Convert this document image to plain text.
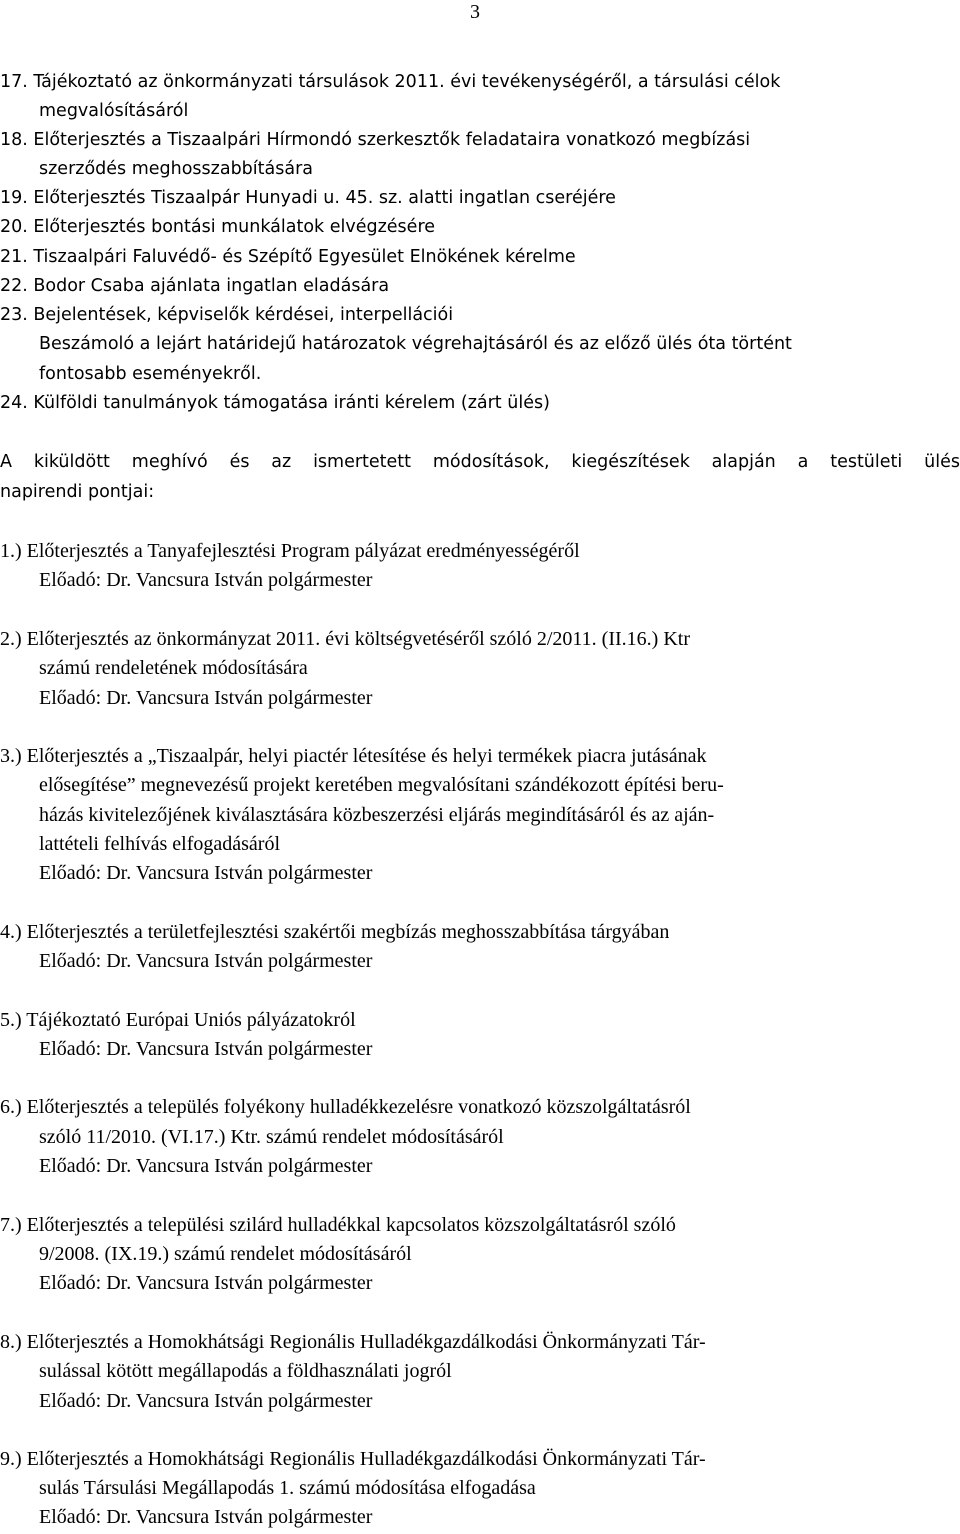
3
17. Tájékoztató az önkormányzati társulások 2011. évi tevékenységéről, a társulási célok
megvalósításáról
18. Előterjesztés a Tiszaalpári Hírmondó szerkesztők feladataira vonatkozó megbízási
szerződés meghosszabbítására
19. Előterjesztés Tiszaalpár Hunyadi u. 45. sz. alatti ingatlan cseréjére
20. Előterjesztés bontási munkálatok elvégzésére
21. Tiszaalpári Faluvédő- és Szépítő Egyesület Elnökének kérelme
22. Bodor Csaba ajánlata ingatlan eladására
23. Bejelentések, képviselők kérdései, interpellációi
Beszámoló a lejárt határidejű határozatok végrehajtásáról és az előző ülés óta történt
fontosabb eseményekről.
24. Külföldi tanulmányok támogatása iránti kérelem (zárt ülés)
A kiküldött meghívó és az ismertetett módosítások, kiegészítések alapján a testületi ülés
napirendi pontjai:
1.) Előterjesztés a Tanyafejlesztési Program pályázat eredményességéről
Előadó: Dr. Vancsura István polgármester
2.) Előterjesztés az önkormányzat 2011. évi költségvetéséről szóló 2/2011. (II.16.) Ktr
számú rendeletének módosítására
Előadó: Dr. Vancsura István polgármester
3.) Előterjesztés a „Tiszaalpár, helyi piactér létesítése és helyi termékek piacra jutásának
elősegítése” megnevezésű projekt keretében megvalósítani szándékozott építési beru-
házás kivitelezőjének kiválasztására közbeszerzési eljárás megindításáról és az aján-
lattételi felhívás elfogadásáról
Előadó: Dr. Vancsura István polgármester
4.) Előterjesztés a területfejlesztési szakértői megbízás meghosszabbítása tárgyában
Előadó: Dr. Vancsura István polgármester
5.) Tájékoztató Európai Uniós pályázatokról
Előadó: Dr. Vancsura István polgármester
6.) Előterjesztés a település folyékony hulladékkezelésre vonatkozó közszolgáltatásról
szóló 11/2010. (VI.17.) Ktr. számú rendelet módosításáról
Előadó: Dr. Vancsura István polgármester
7.) Előterjesztés a települési szilárd hulladékkal kapcsolatos közszolgáltatásról szóló
9/2008. (IX.19.) számú rendelet módosításáról
Előadó: Dr. Vancsura István polgármester
8.) Előterjesztés a Homokhátsági Regionális Hulladékgazdálkodási Önkormányzati Tár-
sulással kötött megállapodás a földhasználati jogról
Előadó: Dr. Vancsura István polgármester
9.) Előterjesztés a Homokhátsági Regionális Hulladékgazdálkodási Önkormányzati Tár-
sulás Társulási Megállapodás 1. számú módosítása elfogadása
Előadó: Dr. Vancsura István polgármester
